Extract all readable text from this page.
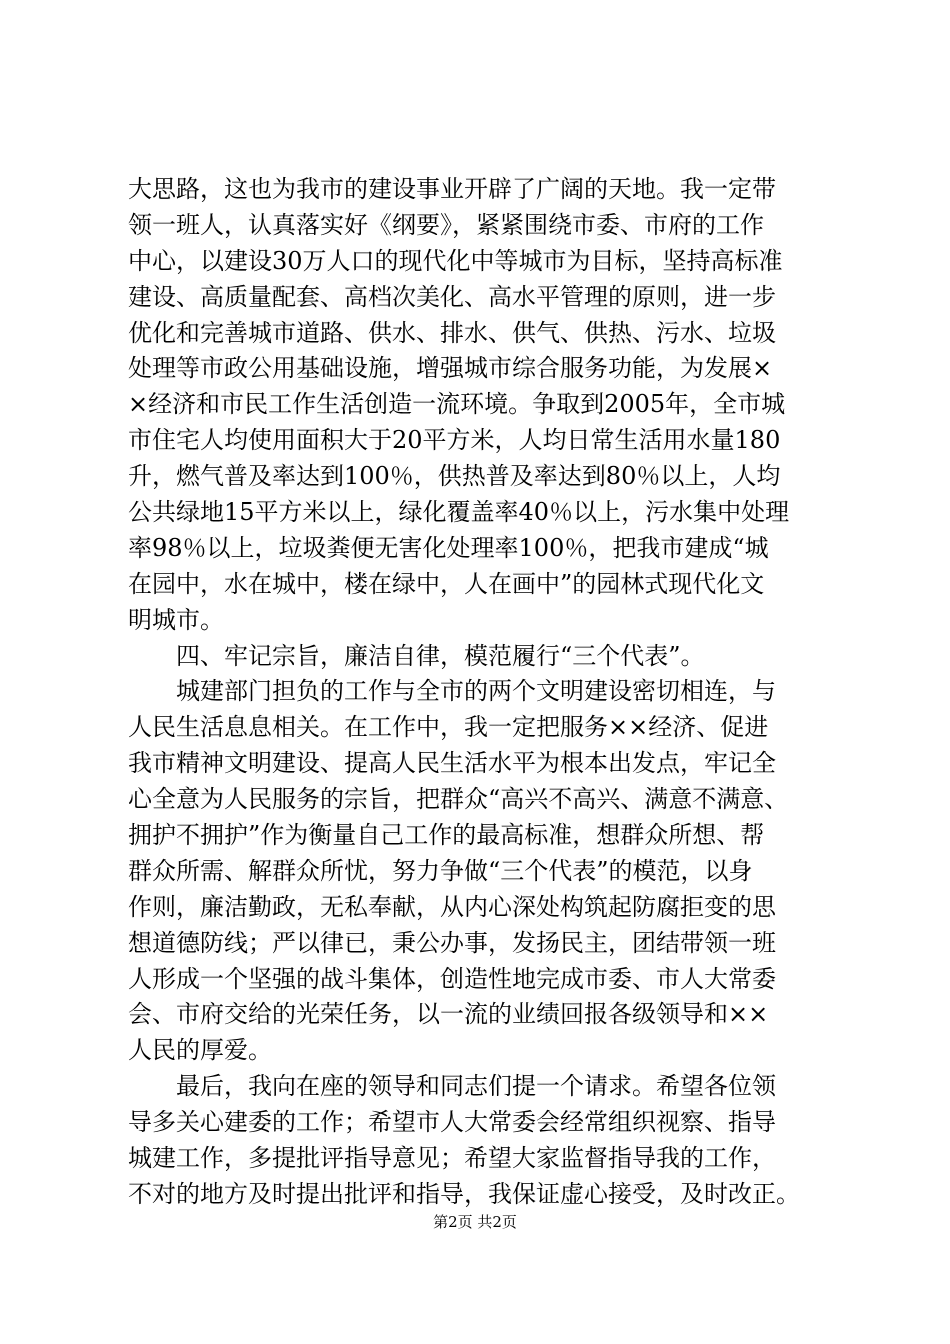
大思路，这也为我市的建设事业开辟了广阔的天地。我一定带
领一班人，认真落实好《纲要》，紧紧围绕市委、市府的工作
中心，以建设30万人口的现代化中等城市为目标，坚持高标准
建设、高质量配套、高档次美化、高水平管理的原则，进一步
优化和完善城市道路、供水、排水、供气、供热、污水、垃圾
处理等市政公用基础设施，增强城市综合服务功能，为发展×
×经济和市民工作生活创造一流环境。争取到2005年，全市城
市住宅人均使用面积大于20平方米，人均日常生活用水量180
升，燃气普及率达到100％，供热普及率达到80％以上，人均
公共绿地15平方米以上，绿化覆盖率40％以上，污水集中处理
率98％以上，垃圾粪便无害化处理率100％，把我市建成“城
在园中，水在城中，楼在绿中，人在画中”的园林式现代化文
明城市。
　　四、牢记宗旨，廉洁自律，模范履行“三个代表”。
　　城建部门担负的工作与全市的两个文明建设密切相连，与
人民生活息息相关。在工作中，我一定把服务××经济、促进
我市精神文明建设、提高人民生活水平为根本出发点，牢记全
心全意为人民服务的宗旨，把群众“高兴不高兴、满意不满意、
拥护不拥护”作为衡量自己工作的最高标准，想群众所想、帮
群众所需、解群众所忧，努力争做“三个代表”的模范，以身
作则，廉洁勤政，无私奉献，从内心深处构筑起防腐拒变的思
想道德防线；严以律已，秉公办事，发扬民主，团结带领一班
人形成一个坚强的战斗集体，创造性地完成市委、市人大常委
会、市府交给的光荣任务，以一流的业绩回报各级领导和××
人民的厚爱。
　　最后，我向在座的领导和同志们提一个请求。希望各位领
导多关心建委的工作；希望市人大常委会经常组织视察、指导
城建工作，多提批评指导意见；希望大家监督指导我的工作，
不对的地方及时提出批评和指导，我保证虚心接受，及时改正。
第2页 共2页
